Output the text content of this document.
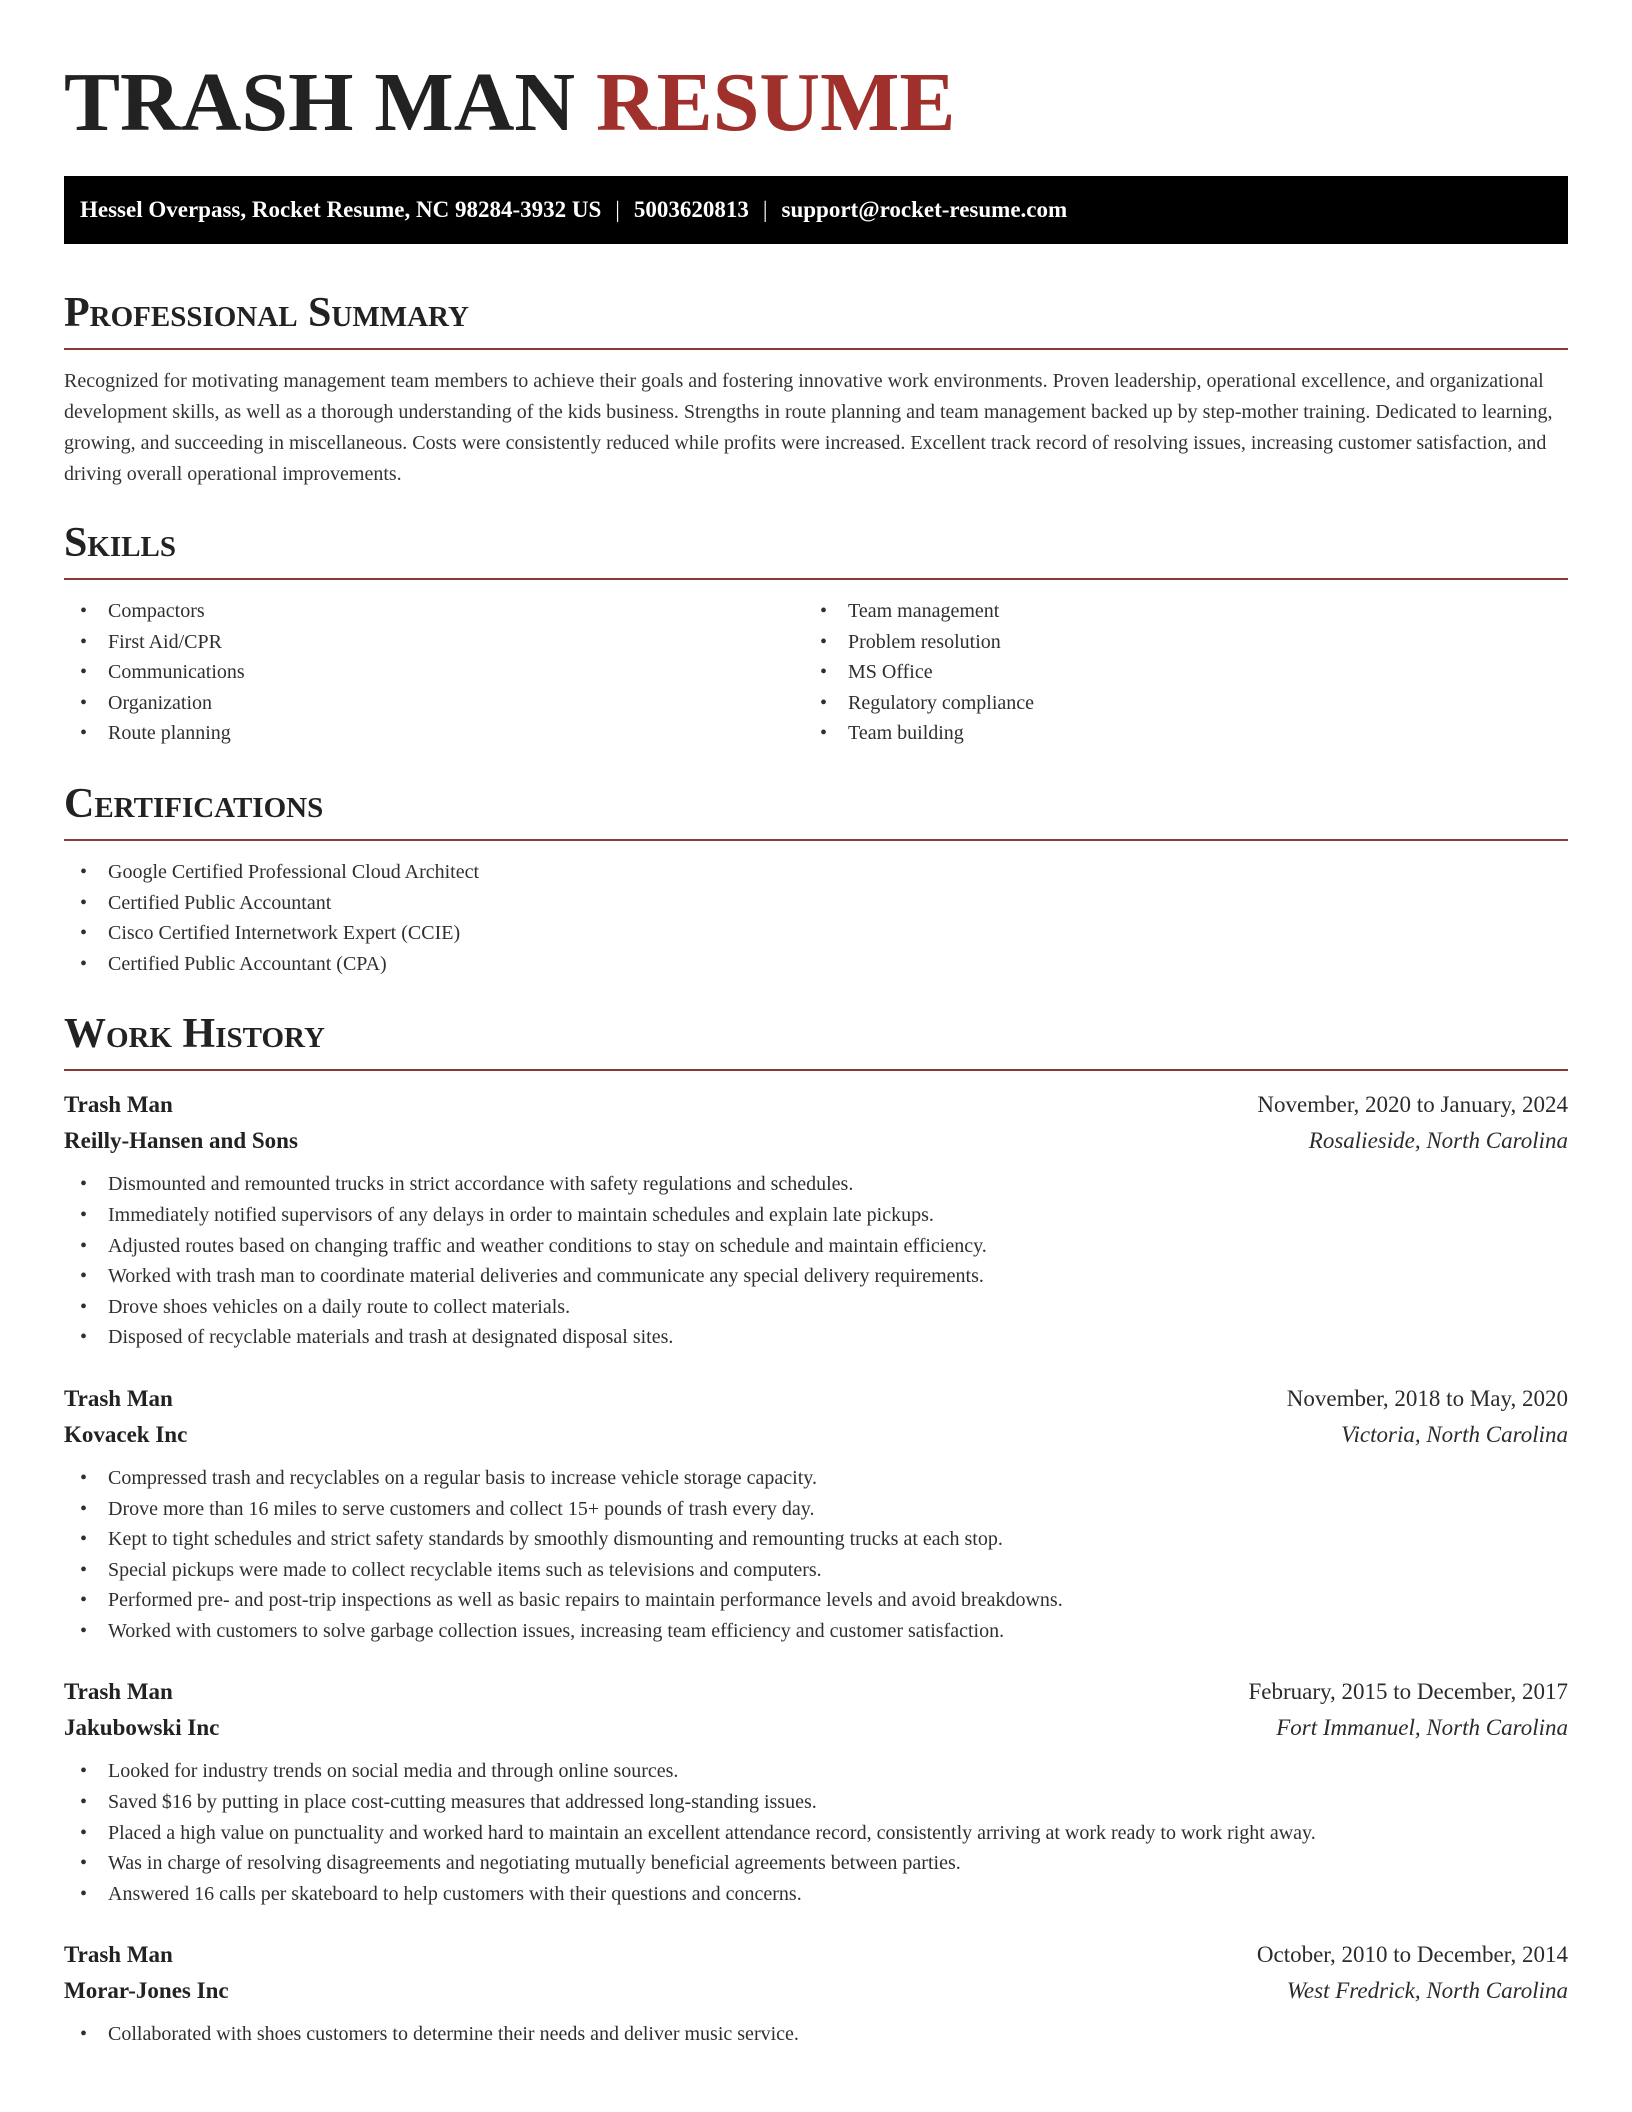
TRASH MAN RESUME
Hessel Overpass, Rocket Resume, NC 98284-3932 US | 5003620813 | support@rocket-resume.com
Professional Summary

Recognized for motivating management team members to achieve their goals and fostering innovative work environments. Proven leadership, operational excellence, and organizational development skills, as well as a thorough understanding of the kids business. Strengths in route planning and team management backed up by step-mother training. Dedicated to learning, growing, and succeeding in miscellaneous. Costs were consistently reduced while profits were increased. Excellent track record of resolving issues, increasing customer satisfaction, and driving overall operational improvements.

Skills
• Compactors
• First Aid/CPR
• Communications
• Organization
• Route planning
• Team management
• Problem resolution
• MS Office
• Regulatory compliance
• Team building
Certifications
• Google Certified Professional Cloud Architect
• Certified Public Accountant
• Cisco Certified Internetwork Expert (CCIE)
• Certified Public Accountant (CPA)
Work History
Trash Man	November, 2020 to January, 2024
Reilly-Hansen and Sons	Rosalieside, North Carolina
• Dismounted and remounted trucks in strict accordance with safety regulations and schedules.
• Immediately notified supervisors of any delays in order to maintain schedules and explain late pickups.
• Adjusted routes based on changing traffic and weather conditions to stay on schedule and maintain efficiency.
• Worked with trash man to coordinate material deliveries and communicate any special delivery requirements.
• Drove shoes vehicles on a daily route to collect materials.
• Disposed of recyclable materials and trash at designated disposal sites.
Trash Man	November, 2018 to May, 2020
Kovacek Inc	Victoria, North Carolina
• Compressed trash and recyclables on a regular basis to increase vehicle storage capacity.
• Drove more than 16 miles to serve customers and collect 15+ pounds of trash every day.
• Kept to tight schedules and strict safety standards by smoothly dismounting and remounting trucks at each stop.
• Special pickups were made to collect recyclable items such as televisions and computers.
• Performed pre- and post-trip inspections as well as basic repairs to maintain performance levels and avoid breakdowns.
• Worked with customers to solve garbage collection issues, increasing team efficiency and customer satisfaction.
Trash Man	February, 2015 to December, 2017
Jakubowski Inc	Fort Immanuel, North Carolina
• Looked for industry trends on social media and through online sources.
• Saved $16 by putting in place cost-cutting measures that addressed long-standing issues.
• Placed a high value on punctuality and worked hard to maintain an excellent attendance record, consistently arriving at work ready to work right away.
• Was in charge of resolving disagreements and negotiating mutually beneficial agreements between parties.
• Answered 16 calls per skateboard to help customers with their questions and concerns.
Trash Man	October, 2010 to December, 2014
Morar-Jones Inc	West Fredrick, North Carolina
• Collaborated with shoes customers to determine their needs and deliver music service.
